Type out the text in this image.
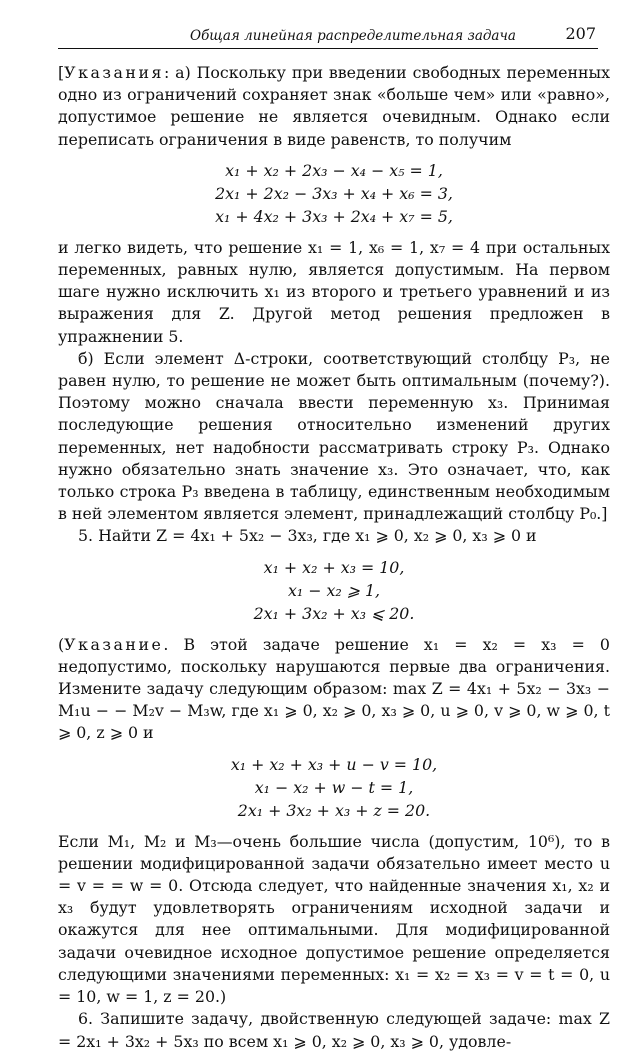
Общая линейная распределительная задача	207

[Указания: а) Поскольку при введении свободных переменных одно из ограничений сохраняет знак «больше чем» или «равно», допустимое решение не является очевидным. Однако если переписать ограничения в виде равенств, то получим

x₁ + x₂ + 2x₃ − x₄ − x₅ = 1,
2x₁ + 2x₂ − 3x₃ + x₄ + x₆ = 3,
x₁ + 4x₂ + 3x₃ + 2x₄ + x₇ = 5,

и легко видеть, что решение x₁ = 1, x₆ = 1, x₇ = 4 при остальных переменных, равных нулю, является допустимым. На первом шаге нужно исключить x₁ из второго и третьего уравнений и из выражения для Z. Другой метод решения предложен в упражнении 5.

б) Если элемент Δ-строки, соответствующий столбцу P₃, не равен нулю, то решение не может быть оптимальным (почему?). Поэтому можно сначала ввести переменную x₃. Принимая последующие решения относительно изменений других переменных, нет надобности рассматривать строку P₃. Однако нужно обязательно знать значение x₃. Это означает, что, как только строка P₃ введена в таблицу, единственным необходимым в ней элементом является элемент, принадлежащий столбцу P₀.]

5. Найти Z = 4x₁ + 5x₂ − 3x₃, где x₁ ⩾ 0, x₂ ⩾ 0, x₃ ⩾ 0 и

x₁ + x₂ + x₃ = 10,
x₁ − x₂ ⩾ 1,
2x₁ + 3x₂ + x₃ ⩽ 20.

(Указание. В этой задаче решение x₁ = x₂ = x₃ = 0 недопустимо, поскольку нарушаются первые два ограничения. Измените задачу следующим образом: max Z = 4x₁ + 5x₂ − 3x₃ − M₁u − − M₂v − M₃w, где x₁ ⩾ 0, x₂ ⩾ 0, x₃ ⩾ 0, u ⩾ 0, v ⩾ 0, w ⩾ 0, t ⩾ 0, z ⩾ 0 и

x₁ + x₂ + x₃ + u − v = 10,
x₁ − x₂ + w − t = 1,
2x₁ + 3x₂ + x₃ + z = 20.

Если M₁, M₂ и M₃—очень большие числа (допустим, 10⁶), то в решении модифицированной задачи обязательно имеет место u = v = = w = 0. Отсюда следует, что найденные значения x₁, x₂ и x₃ будут удовлетворять ограничениям исходной задачи и окажутся для нее оптимальными. Для модифицированной задачи очевидное исходное допустимое решение определяется следующими значениями переменных: x₁ = x₂ = x₃ = v = t = 0, u = 10, w = 1, z = 20.)

6. Запишите задачу, двойственную следующей задаче: max Z = 2x₁ + 3x₂ + 5x₃ по всем x₁ ⩾ 0, x₂ ⩾ 0, x₃ ⩾ 0, удовле-
